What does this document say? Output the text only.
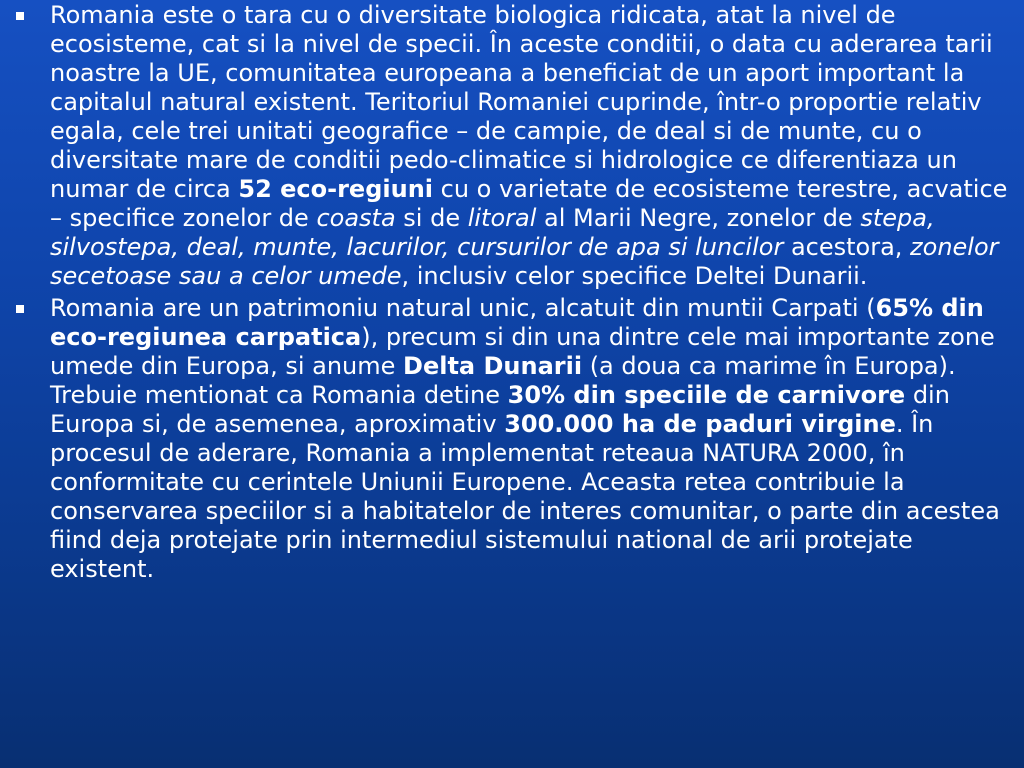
Romania este o tara cu o diversitate biologica ridicata, atat la nivel de ecosisteme, cat si la nivel de specii. În aceste conditii, o data cu aderarea tarii noastre la UE, comunitatea europeana a beneficiat de un aport important la capitalul natural existent. Teritoriul Romaniei cuprinde, într-o proportie relativ egala, cele trei unitati geografice – de campie, de deal si de munte, cu o diversitate mare de conditii pedo-climatice si hidrologice ce diferentiaza un numar de circa 52 eco-regiuni cu o varietate de ecosisteme terestre, acvatice – specifice zonelor de coasta si de litoral al Marii Negre, zonelor de stepa, silvostepa, deal, munte, lacurilor, cursurilor de apa si luncilor acestora, zonelor secetoase sau a celor umede, inclusiv celor specifice Deltei Dunarii.
Romania are un patrimoniu natural unic, alcatuit din muntii Carpati (65% din eco-regiunea carpatica), precum si din una dintre cele mai importante zone umede din Europa, si anume Delta Dunarii (a doua ca marime în Europa). Trebuie mentionat ca Romania detine 30% din speciile de carnivore din Europa si, de asemenea, aproximativ 300.000 ha de paduri virgine. În procesul de aderare, Romania a implementat reteaua NATURA 2000, în conformitate cu cerintele Uniunii Europene. Aceasta retea contribuie la conservarea speciilor si a habitatelor de interes comunitar, o parte din acestea fiind deja protejate prin intermediul sistemului national de arii protejate existent.
